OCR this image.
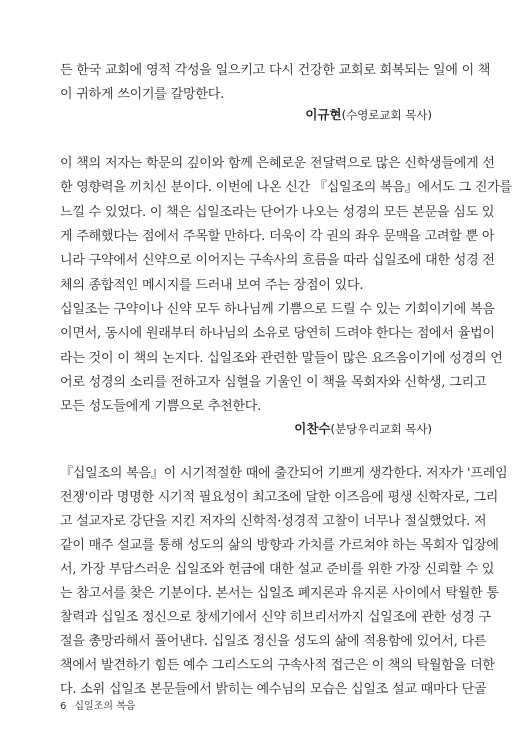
든 한국 교회에 영적 각성을 일으키고 다시 건강한 교회로 회복되는 일에 이 책
이 귀하게 쓰이기를 갈망한다.
이규현(수영로교회 목사)
이 책의 저자는 학문의 깊이와 함께 은혜로운 전달력으로 많은 신학생들에게 선
한 영향력을 끼치신 분이다. 이번에 나온 신간 『십일조의 복음』에서도 그 진가를
느낄 수 있었다. 이 책은 십일조라는 단어가 나오는 성경의 모든 본문을 심도 있
게 주해했다는 점에서 주목할 만하다. 더욱이 각 권의 좌우 문맥을 고려할 뿐 아
니라 구약에서 신약으로 이어지는 구속사의 흐름을 따라 십일조에 대한 성경 전
체의 종합적인 메시지를 드러내 보여 주는 장점이 있다.
십일조는 구약이나 신약 모두 하나님께 기쁨으로 드릴 수 있는 기회이기에 복음
이면서, 동시에 원래부터 하나님의 소유로 당연히 드려야 한다는 점에서 율법이
라는 것이 이 책의 논지다. 십일조와 관련한 말들이 많은 요즈음이기에 성경의 언
어로 성경의 소리를 전하고자 심혈을 기울인 이 책을 목회자와 신학생, 그리고
모든 성도들에게 기쁨으로 추천한다.
이찬수(분당우리교회 목사)
『십일조의 복음』이 시기적절한 때에 출간되어 기쁘게 생각한다. 저자가 '프레임
전쟁'이라 명명한 시기적 필요성이 최고조에 달한 이즈음에 평생 신학자로, 그리
고 설교자로 강단을 지킨 저자의 신학적·성경적 고찰이 너무나 절실했었다. 저
같이 매주 설교를 통해 성도의 삶의 방향과 가치를 가르쳐야 하는 목회자 입장에
서, 가장 부담스러운 십일조와 헌금에 대한 설교 준비를 위한 가장 신뢰할 수 있
는 참고서를 찾은 기분이다. 본서는 십일조 폐지론과 유지론 사이에서 탁월한 통
찰력과 십일조 정신으로 창세기에서 신약 히브리서까지 십일조에 관한 성경 구
절을 총망라해서 풀어낸다. 십일조 정신을 성도의 삶에 적용함에 있어서, 다른
책에서 발견하기 힘든 예수 그리스도의 구속사적 접근은 이 책의 탁월함을 더한
다. 소위 십일조 본문들에서 밝히는 예수님의 모습은 십일조 설교 때마다 단골
6 십일조의 복음
